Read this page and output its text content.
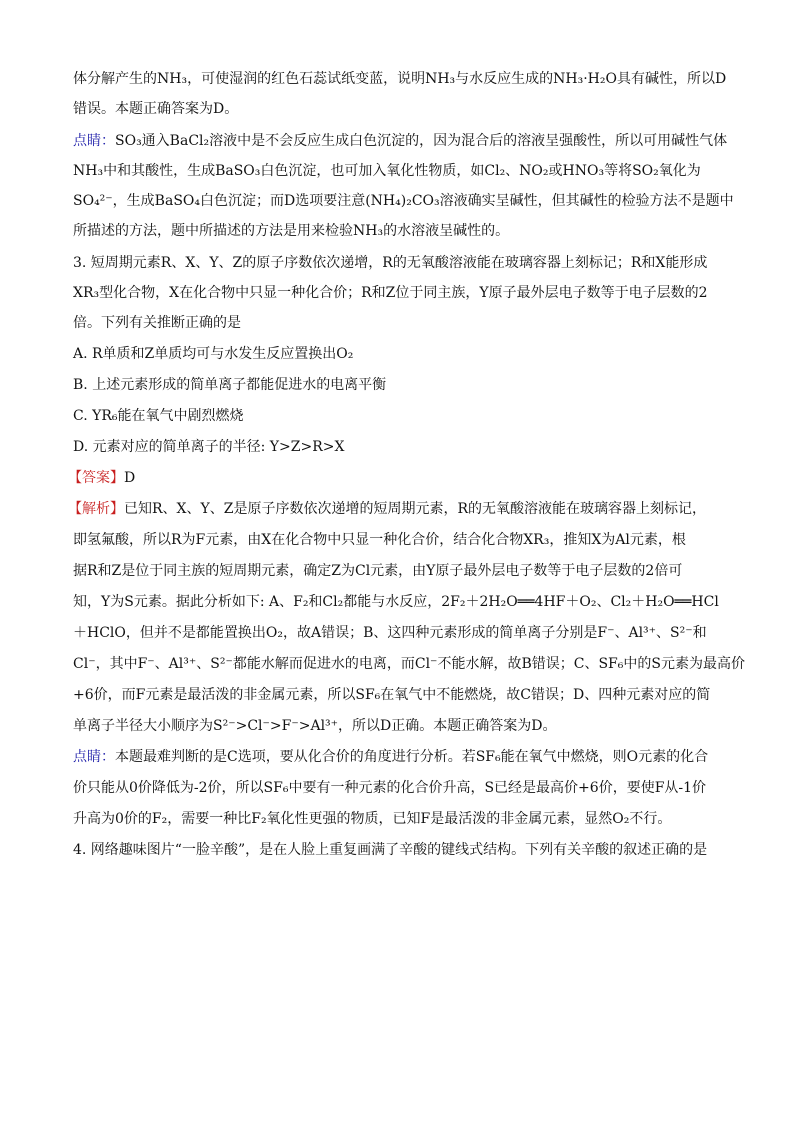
体分解产生的NH₃，可使湿润的红色石蕊试纸变蓝，说明NH₃与水反应生成的NH₃·H₂O具有碱性，所以D
错误。本题正确答案为D。
点睛：SO₃通入BaCl₂溶液中是不会反应生成白色沉淀的，因为混合后的溶液呈强酸性，所以可用碱性气体
NH₃中和其酸性，生成BaSO₃白色沉淀，也可加入氧化性物质，如Cl₂、NO₂或HNO₃等将SO₂氧化为
SO₄²⁻，生成BaSO₄白色沉淀；而D选项要注意(NH₄)₂CO₃溶液确实呈碱性，但其碱性的检验方法不是题中
所描述的方法，题中所描述的方法是用来检验NH₃的水溶液呈碱性的。
3. 短周期元素R、X、Y、Z的原子序数依次递增，R的无氧酸溶液能在玻璃容器上刻标记；R和X能形成
XR₃型化合物，X在化合物中只显一种化合价；R和Z位于同主族，Y原子最外层电子数等于电子层数的2
倍。下列有关推断正确的是
A. R单质和Z单质均可与水发生反应置换出O₂
B. 上述元素形成的简单离子都能促进水的电离平衡
C. YR₆能在氧气中剧烈燃烧
D. 元素对应的简单离子的半径: Y>Z>R>X
【答案】D
【解析】已知R、X、Y、Z是原子序数依次递增的短周期元素，R的无氧酸溶液能在玻璃容器上刻标记，
即氢氟酸，所以R为F元素，由X在化合物中只显一种化合价，结合化合物XR₃，推知X为Al元素，根
据R和Z是位于同主族的短周期元素，确定Z为Cl元素，由Y原子最外层电子数等于电子层数的2倍可
知，Y为S元素。据此分析如下: A、F₂和Cl₂都能与水反应，2F₂＋2H₂O══4HF＋O₂、Cl₂＋H₂O══HCl
＋HClO，但并不是都能置换出O₂，故A错误；B、这四种元素形成的简单离子分别是F⁻、Al³⁺、S²⁻和
Cl⁻，其中F⁻、Al³⁺、S²⁻都能水解而促进水的电离，而Cl⁻不能水解，故B错误；C、SF₆中的S元素为最高价
+6价，而F元素是最活泼的非金属元素，所以SF₆在氧气中不能燃烧，故C错误；D、四种元素对应的简
单离子半径大小顺序为S²⁻>Cl⁻>F⁻>Al³⁺，所以D正确。本题正确答案为D。
点睛：本题最难判断的是C选项，要从化合价的角度进行分析。若SF₆能在氧气中燃烧，则O元素的化合
价只能从0价降低为-2价，所以SF₆中要有一种元素的化合价升高，S已经是最高价+6价，要使F从-1价
升高为0价的F₂，需要一种比F₂氧化性更强的物质，已知F是最活泼的非金属元素，显然O₂不行。
4. 网络趣味图片“一脸辛酸”，是在人脸上重复画满了辛酸的键线式结构。下列有关辛酸的叙述正确的是
